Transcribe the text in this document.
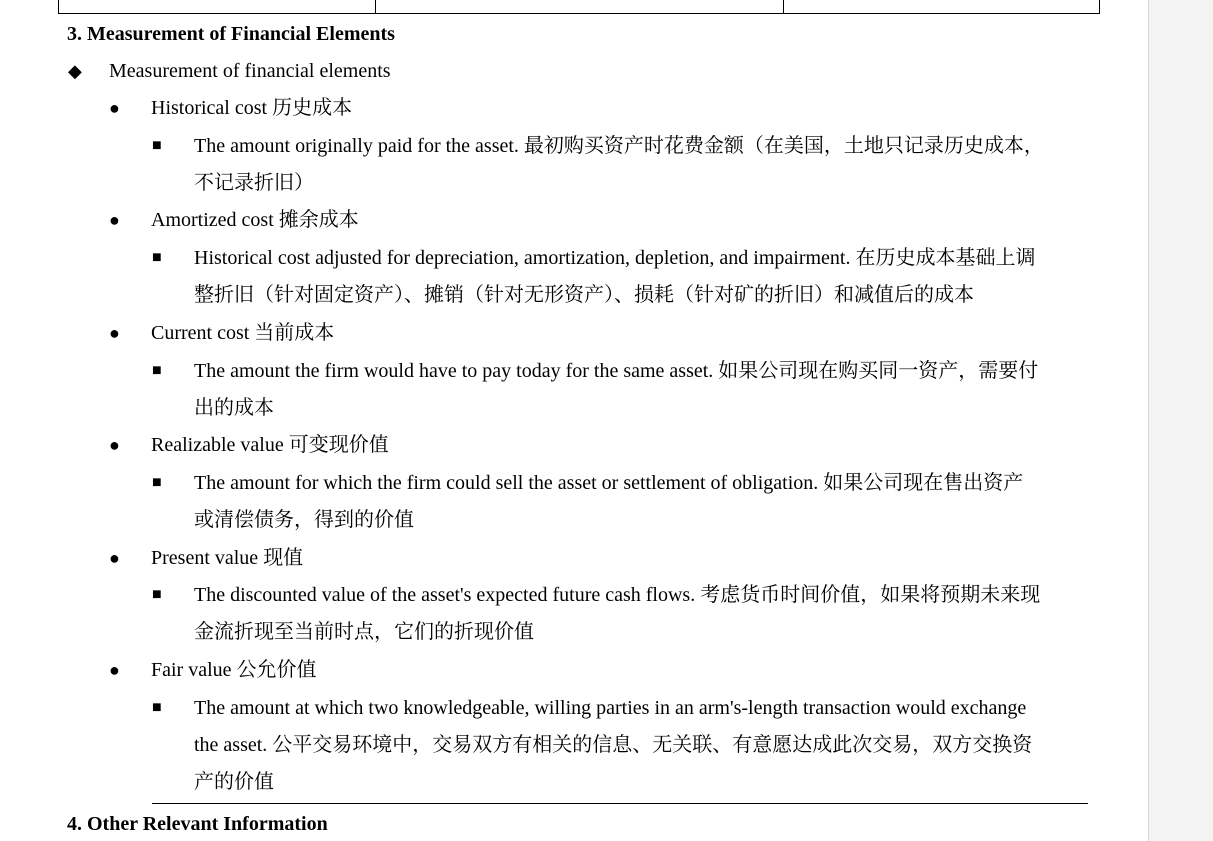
3. Measurement of Financial Elements
◆ Measurement of financial elements
● Historical cost 历史成本
■ The amount originally paid for the asset. 最初购买资产时花费金额（在美国，土地只记录历史成本，
不记录折旧）
● Amortized cost 摊余成本
■ Historical cost adjusted for depreciation, amortization, depletion, and impairment. 在历史成本基础上调
整折旧（针对固定资产）、摊销（针对无形资产）、损耗（针对矿的折旧）和减值后的成本
● Current cost 当前成本
■ The amount the firm would have to pay today for the same asset. 如果公司现在购买同一资产，需要付
出的成本
● Realizable value 可变现价值
■ The amount for which the firm could sell the asset or settlement of obligation. 如果公司现在售出资产
或清偿债务，得到的价值
● Present value 现值
■ The discounted value of the asset's expected future cash flows. 考虑货币时间价值，如果将预期未来现
金流折现至当前时点，它们的折现价值
● Fair value 公允价值
■ The amount at which two knowledgeable, willing parties in an arm's-length transaction would exchange
the asset. 公平交易环境中，交易双方有相关的信息、无关联、有意愿达成此次交易，双方交换资
产的价值
4. Other Relevant Information
